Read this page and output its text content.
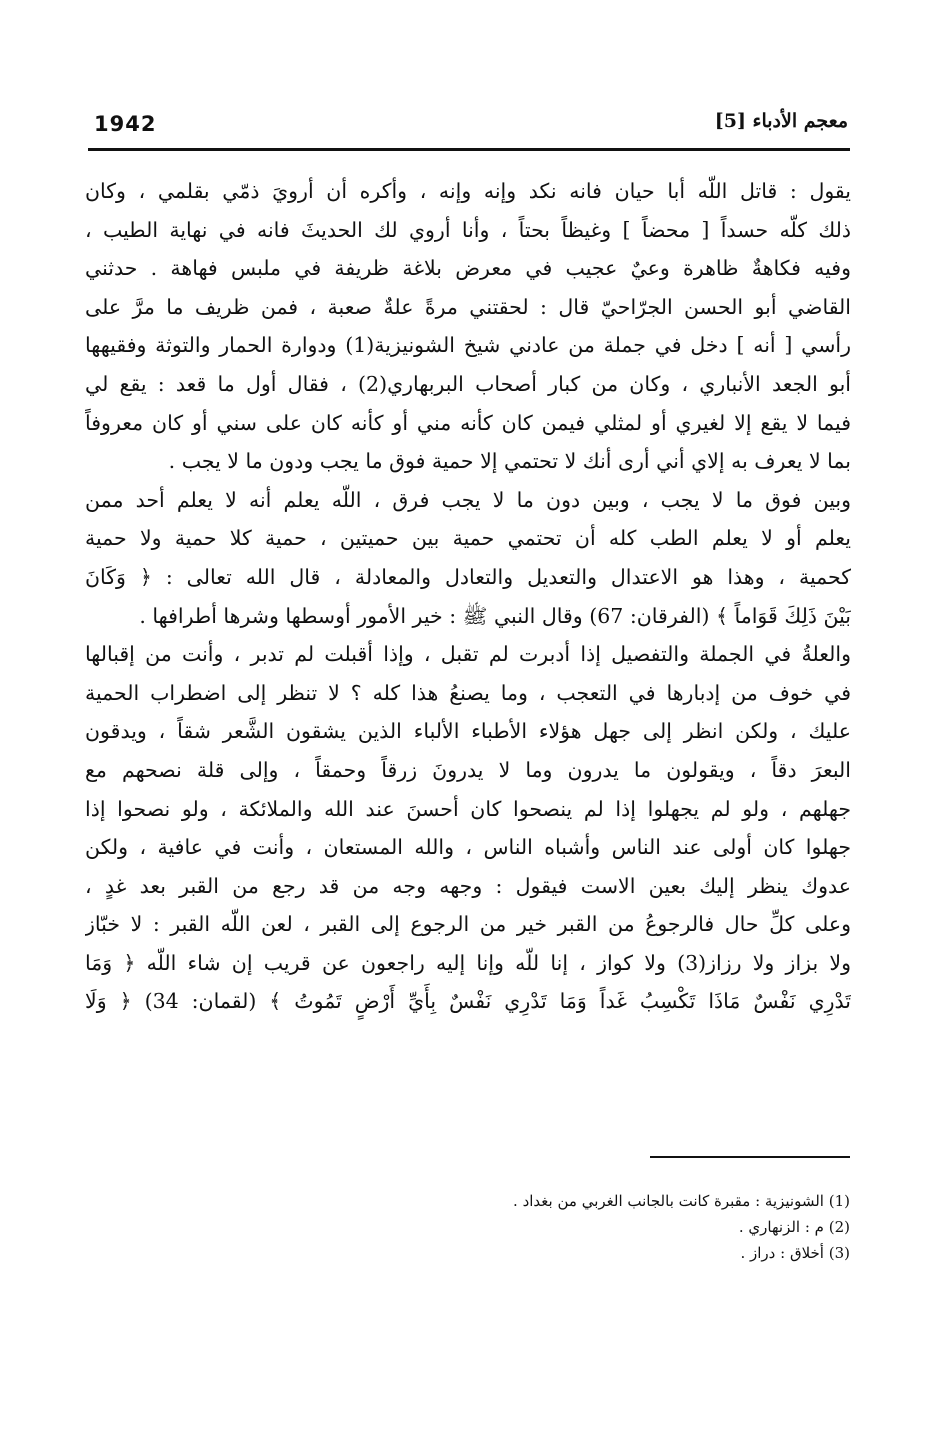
1942	معجم الأدباء [5]
يقول : قاتل اللّه أبا حيان فانه نكد وإنه وإنه ، وأكره أن أرويَ ذمّي بقلمي ، وكان
ذلك كلّه حسداً [ محضاً ] وغيظاً بحتاً ، وأنا أروي لك الحديثَ فانه في نهاية الطيب ،
وفيه فكاهةٌ ظاهرة وعيٌ عجيب في معرض بلاغة ظريفة في ملبس فهاهة . حدثني
القاضي أبو الحسن الجرّاحيّ قال : لحقتني مرةً علةٌ صعبة ، فمن ظريف ما مرَّ على
رأسي [ أنه ] دخل في جملة من عادني شيخ الشونيزية(1) ودوارة الحمار والتوثة وفقيهها
أبو الجعد الأنباري ، وكان من كبار أصحاب البربهاري(2) ، فقال أول ما قعد : يقع لي
فيما لا يقع إلا لغيري أو لمثلي فيمن كان كأنه مني أو كأنه كان على سني أو كان معروفاً
بما لا يعرف به إلاي أني أرى أنك لا تحتمي إلا حمية فوق ما يجب ودون ما لا يجب .
وبين فوق ما لا يجب ، وبين دون ما لا يجب فرق ، اللّه يعلم أنه لا يعلم أحد ممن
يعلم أو لا يعلم الطب كله أن تحتمي حمية بين حميتين ، حمية كلا حمية ولا حمية
كحمية ، وهذا هو الاعتدال والتعديل والتعادل والمعادلة ، قال الله تعالى : ﴿ وَكَانَ
بَيْنَ ذَلِكَ قَوَاماً ﴾ (الفرقان: 67) وقال النبي ﷺ : خير الأمور أوسطها وشرها أطرافها .
والعلةُ في الجملة والتفصيل إذا أدبرت لم تقبل ، وإذا أقبلت لم تدبر ، وأنت من إقبالها
في خوف من إدبارها في التعجب ، وما يصنعُ هذا كله ؟ لا تنظر إلى اضطراب الحمية
عليك ، ولكن انظر إلى جهل هؤلاء الأطباء الألباء الذين يشقون الشَّعر شقاً ، ويدقون
البعرَ دقاً ، ويقولون ما يدرون وما لا يدرونَ زرقاً وحمقاً ، وإلى قلة نصحهم مع
جهلهم ، ولو لم يجهلوا إذا لم ينصحوا كان أحسنَ عند الله والملائكة ، ولو نصحوا إذا
جهلوا كان أولى عند الناس وأشباه الناس ، والله المستعان ، وأنت في عافية ، ولكن
عدوك ينظر إليك بعين الاست فيقول : وجهه وجه من قد رجع من القبر بعد غدٍ ،
وعلى كلِّ حال فالرجوعُ من القبر خير من الرجوع إلى القبر ، لعن اللّه القبر : لا خبّاز
ولا بزاز ولا رزاز(3) ولا كواز ، إنا للّه وإنا إليه راجعون عن قريب إن شاء اللّه ﴿ وَمَا
تَدْرِي نَفْسٌ مَاذَا تَكْسِبُ غَداً وَمَا تَدْرِي نَفْسٌ بِأَيِّ أَرْضٍ تَمُوتُ ﴾ (لقمان: 34) ﴿ وَلَا
(1) الشونيزية : مقبرة كانت بالجانب الغربي من بغداد .
(2) م : الزنهاري .
(3) أخلاق : دراز .
